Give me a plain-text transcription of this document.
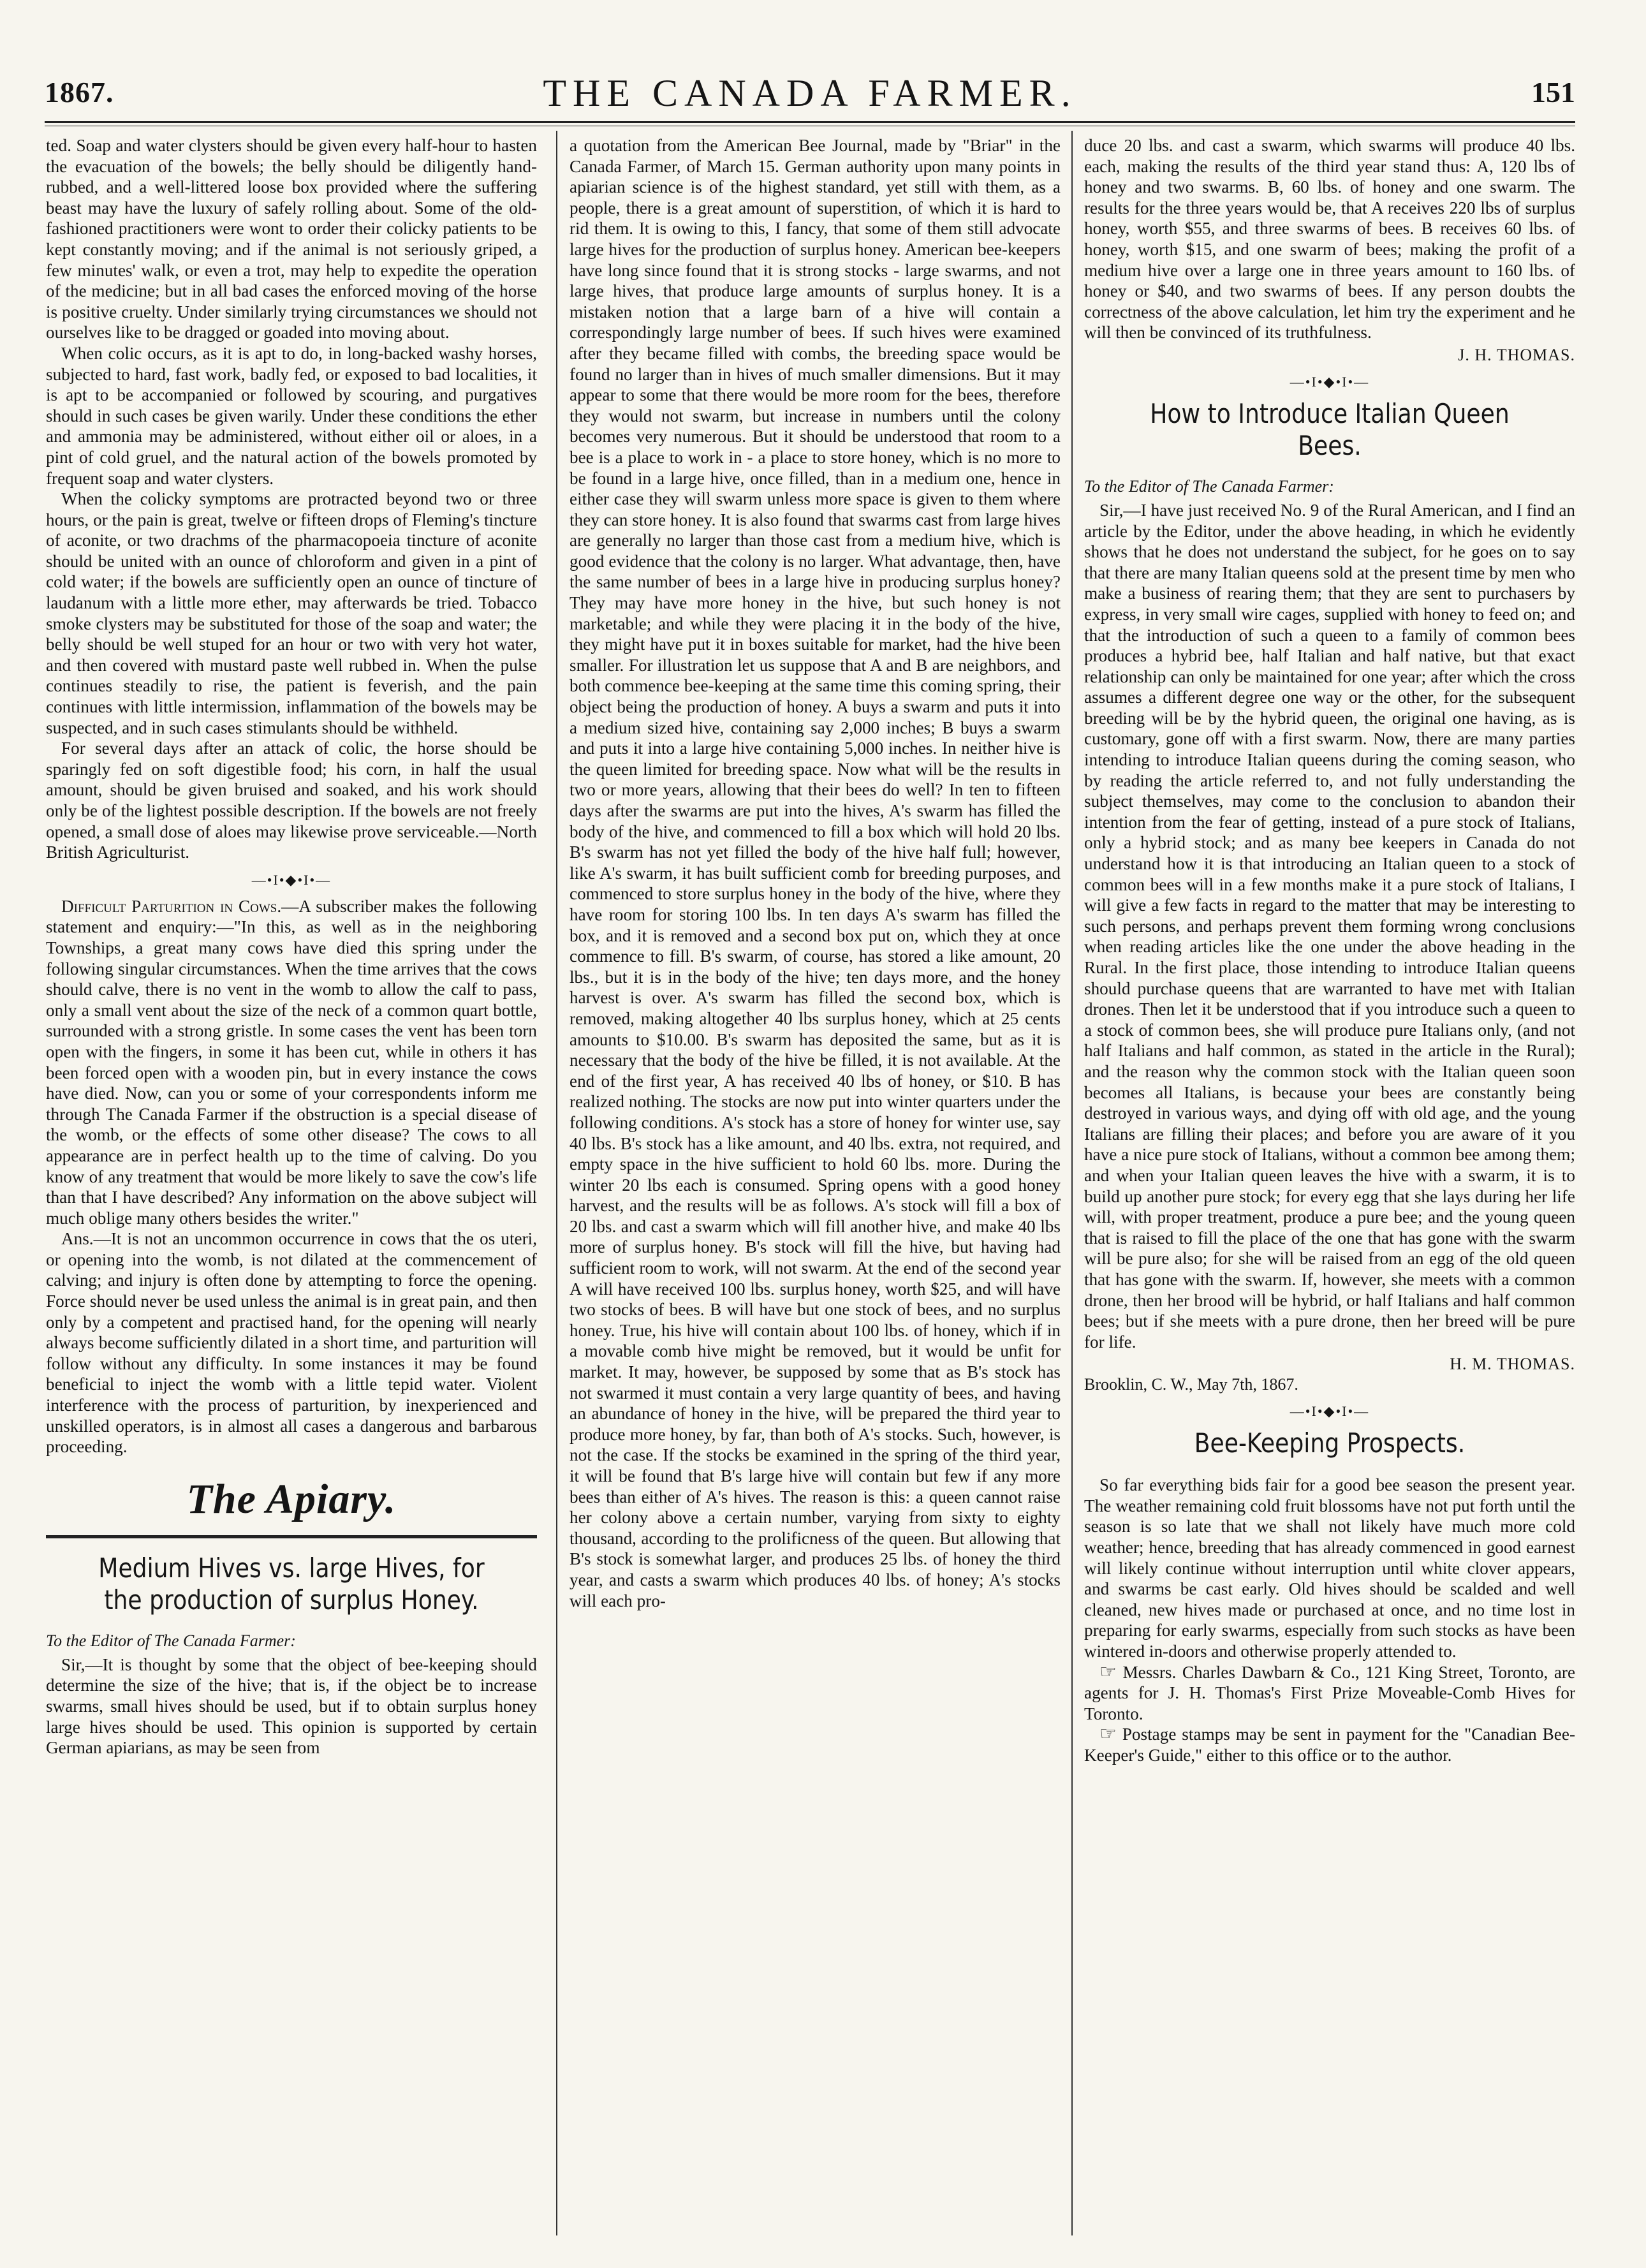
1867.	THE CANADA FARMER.	151

ted. Soap and water clysters should be given every half-hour to hasten the evacuation of the bowels; the belly should be diligently hand-rubbed, and a well-littered loose box provided where the suffering beast may have the luxury of safely rolling about. Some of the old-fashioned practitioners were wont to order their colicky patients to be kept constantly moving; and if the animal is not seriously griped, a few minutes' walk, or even a trot, may help to expedite the operation of the medicine; but in all bad cases the enforced moving of the horse is positive cruelty. Under similarly trying circumstances we should not ourselves like to be dragged or goaded into moving about.

When colic occurs, as it is apt to do, in long-backed washy horses, subjected to hard, fast work, badly fed, or exposed to bad localities, it is apt to be accompanied or followed by scouring, and purgatives should in such cases be given warily. Under these conditions the ether and ammonia may be administered, without either oil or aloes, in a pint of cold gruel, and the natural action of the bowels promoted by frequent soap and water clysters.

When the colicky symptoms are protracted beyond two or three hours, or the pain is great, twelve or fifteen drops of Fleming's tincture of aconite, or two drachms of the pharmacopoeia tincture of aconite should be united with an ounce of chloroform and given in a pint of cold water; if the bowels are sufficiently open an ounce of tincture of laudanum with a little more ether, may afterwards be tried. Tobacco smoke clysters may be substituted for those of the soap and water; the belly should be well stuped for an hour or two with very hot water, and then covered with mustard paste well rubbed in. When the pulse continues steadily to rise, the patient is feverish, and the pain continues with little intermission, inflammation of the bowels may be suspected, and in such cases stimulants should be withheld.

For several days after an attack of colic, the horse should be sparingly fed on soft digestible food; his corn, in half the usual amount, should be given bruised and soaked, and his work should only be of the lightest possible description. If the bowels are not freely opened, a small dose of aloes may likewise prove serviceable.—North British Agriculturist.

—•I•◆•I•—

Difficult Parturition in Cows.—A subscriber makes the following statement and enquiry:—"In this, as well as in the neighboring Townships, a great many cows have died this spring under the following singular circumstances. When the time arrives that the cows should calve, there is no vent in the womb to allow the calf to pass, only a small vent about the size of the neck of a common quart bottle, surrounded with a strong gristle. In some cases the vent has been torn open with the fingers, in some it has been cut, while in others it has been forced open with a wooden pin, but in every instance the cows have died. Now, can you or some of your correspondents inform me through The Canada Farmer if the obstruction is a special disease of the womb, or the effects of some other disease? The cows to all appearance are in perfect health up to the time of calving. Do you know of any treatment that would be more likely to save the cow's life than that I have described? Any information on the above subject will much oblige many others besides the writer."

Ans.—It is not an uncommon occurrence in cows that the os uteri, or opening into the womb, is not dilated at the commencement of calving; and injury is often done by attempting to force the opening. Force should never be used unless the animal is in great pain, and then only by a competent and practised hand, for the opening will nearly always become sufficiently dilated in a short time, and parturition will follow without any difficulty. In some instances it may be found beneficial to inject the womb with a little tepid water. Violent interference with the process of parturition, by inexperienced and unskilled operators, is in almost all cases a dangerous and barbarous proceeding.

The Apiary.
Medium Hives vs. large Hives, for the production of surplus Honey.
To the Editor of The Canada Farmer:

Sir,—It is thought by some that the object of bee-keeping should determine the size of the hive; that is, if the object be to increase swarms, small hives should be used, but if to obtain surplus honey large hives should be used. This opinion is supported by certain German apiarians, as may be seen from

a quotation from the American Bee Journal, made by "Briar" in the Canada Farmer, of March 15. German authority upon many points in apiarian science is of the highest standard, yet still with them, as a people, there is a great amount of superstition, of which it is hard to rid them. It is owing to this, I fancy, that some of them still advocate large hives for the production of surplus honey. American bee-keepers have long since found that it is strong stocks - large swarms, and not large hives, that produce large amounts of surplus honey. It is a mistaken notion that a large barn of a hive will contain a correspondingly large number of bees. If such hives were examined after they became filled with combs, the breeding space would be found no larger than in hives of much smaller dimensions. But it may appear to some that there would be more room for the bees, therefore they would not swarm, but increase in numbers until the colony becomes very numerous. But it should be understood that room to a bee is a place to work in - a place to store honey, which is no more to be found in a large hive, once filled, than in a medium one, hence in either case they will swarm unless more space is given to them where they can store honey. It is also found that swarms cast from large hives are generally no larger than those cast from a medium hive, which is good evidence that the colony is no larger. What advantage, then, have the same number of bees in a large hive in producing surplus honey? They may have more honey in the hive, but such honey is not marketable; and while they were placing it in the body of the hive, they might have put it in boxes suitable for market, had the hive been smaller. For illustration let us suppose that A and B are neighbors, and both commence bee-keeping at the same time this coming spring, their object being the production of honey. A buys a swarm and puts it into a medium sized hive, containing say 2,000 inches; B buys a swarm and puts it into a large hive containing 5,000 inches. In neither hive is the queen limited for breeding space. Now what will be the results in two or more years, allowing that their bees do well? In ten to fifteen days after the swarms are put into the hives, A's swarm has filled the body of the hive, and commenced to fill a box which will hold 20 lbs. B's swarm has not yet filled the body of the hive half full; however, like A's swarm, it has built sufficient comb for breeding purposes, and commenced to store surplus honey in the body of the hive, where they have room for storing 100 lbs. In ten days A's swarm has filled the box, and it is removed and a second box put on, which they at once commence to fill. B's swarm, of course, has stored a like amount, 20 lbs., but it is in the body of the hive; ten days more, and the honey harvest is over. A's swarm has filled the second box, which is removed, making altogether 40 lbs surplus honey, which at 25 cents amounts to $10.00. B's swarm has deposited the same, but as it is necessary that the body of the hive be filled, it is not available. At the end of the first year, A has received 40 lbs of honey, or $10. B has realized nothing. The stocks are now put into winter quarters under the following conditions. A's stock has a store of honey for winter use, say 40 lbs. B's stock has a like amount, and 40 lbs. extra, not required, and empty space in the hive sufficient to hold 60 lbs. more. During the winter 20 lbs each is consumed. Spring opens with a good honey harvest, and the results will be as follows. A's stock will fill a box of 20 lbs. and cast a swarm which will fill another hive, and make 40 lbs more of surplus honey. B's stock will fill the hive, but having had sufficient room to work, will not swarm. At the end of the second year A will have received 100 lbs. surplus honey, worth $25, and will have two stocks of bees. B will have but one stock of bees, and no surplus honey. True, his hive will contain about 100 lbs. of honey, which if in a movable comb hive might be removed, but it would be unfit for market. It may, however, be supposed by some that as B's stock has not swarmed it must contain a very large quantity of bees, and having an abundance of honey in the hive, will be prepared the third year to produce more honey, by far, than both of A's stocks. Such, however, is not the case. If the stocks be examined in the spring of the third year, it will be found that B's large hive will contain but few if any more bees than either of A's hives. The reason is this: a queen cannot raise her colony above a certain number, varying from sixty to eighty thousand, according to the prolificness of the queen. But allowing that B's stock is somewhat larger, and produces 25 lbs. of honey the third year, and casts a swarm which produces 40 lbs. of honey; A's stocks will each pro-

duce 20 lbs. and cast a swarm, which swarms will produce 40 lbs. each, making the results of the third year stand thus: A, 120 lbs of honey and two swarms. B, 60 lbs. of honey and one swarm. The results for the three years would be, that A receives 220 lbs of surplus honey, worth $55, and three swarms of bees. B receives 60 lbs. of honey, worth $15, and one swarm of bees; making the profit of a medium hive over a large one in three years amount to 160 lbs. of honey or $40, and two swarms of bees. If any person doubts the correctness of the above calculation, let him try the experiment and he will then be convinced of its truthfulness.

J. H. THOMAS.
—•I•◆•I•—
How to Introduce Italian Queen Bees.
To the Editor of The Canada Farmer:

Sir,—I have just received No. 9 of the Rural American, and I find an article by the Editor, under the above heading, in which he evidently shows that he does not understand the subject, for he goes on to say that there are many Italian queens sold at the present time by men who make a business of rearing them; that they are sent to purchasers by express, in very small wire cages, supplied with honey to feed on; and that the introduction of such a queen to a family of common bees produces a hybrid bee, half Italian and half native, but that exact relationship can only be maintained for one year; after which the cross assumes a different degree one way or the other, for the subsequent breeding will be by the hybrid queen, the original one having, as is customary, gone off with a first swarm. Now, there are many parties intending to introduce Italian queens during the coming season, who by reading the article referred to, and not fully understanding the subject themselves, may come to the conclusion to abandon their intention from the fear of getting, instead of a pure stock of Italians, only a hybrid stock; and as many bee keepers in Canada do not understand how it is that introducing an Italian queen to a stock of common bees will in a few months make it a pure stock of Italians, I will give a few facts in regard to the matter that may be interesting to such persons, and perhaps prevent them forming wrong conclusions when reading articles like the one under the above heading in the Rural. In the first place, those intending to introduce Italian queens should purchase queens that are warranted to have met with Italian drones. Then let it be understood that if you introduce such a queen to a stock of common bees, she will produce pure Italians only, (and not half Italians and half common, as stated in the article in the Rural); and the reason why the common stock with the Italian queen soon becomes all Italians, is because your bees are constantly being destroyed in various ways, and dying off with old age, and the young Italians are filling their places; and before you are aware of it you have a nice pure stock of Italians, without a common bee among them; and when your Italian queen leaves the hive with a swarm, it is to build up another pure stock; for every egg that she lays during her life will, with proper treatment, produce a pure bee; and the young queen that is raised to fill the place of the one that has gone with the swarm will be pure also; for she will be raised from an egg of the old queen that has gone with the swarm. If, however, she meets with a common drone, then her brood will be hybrid, or half Italians and half common bees; but if she meets with a pure drone, then her breed will be pure for life.

H. M. THOMAS.
Brooklin, C. W., May 7th, 1867.
—•I•◆•I•—
Bee-Keeping Prospects.

So far everything bids fair for a good bee season the present year. The weather remaining cold fruit blossoms have not put forth until the season is so late that we shall not likely have much more cold weather; hence, breeding that has already commenced in good earnest will likely continue without interruption until white clover appears, and swarms be cast early. Old hives should be scalded and well cleaned, new hives made or purchased at once, and no time lost in preparing for early swarms, especially from such stocks as have been wintered in-doors and otherwise properly attended to.

☞ Messrs. Charles Dawbarn & Co., 121 King Street, Toronto, are agents for J. H. Thomas's First Prize Moveable-Comb Hives for Toronto.

☞ Postage stamps may be sent in payment for the "Canadian Bee-Keeper's Guide," either to this office or to the author.
